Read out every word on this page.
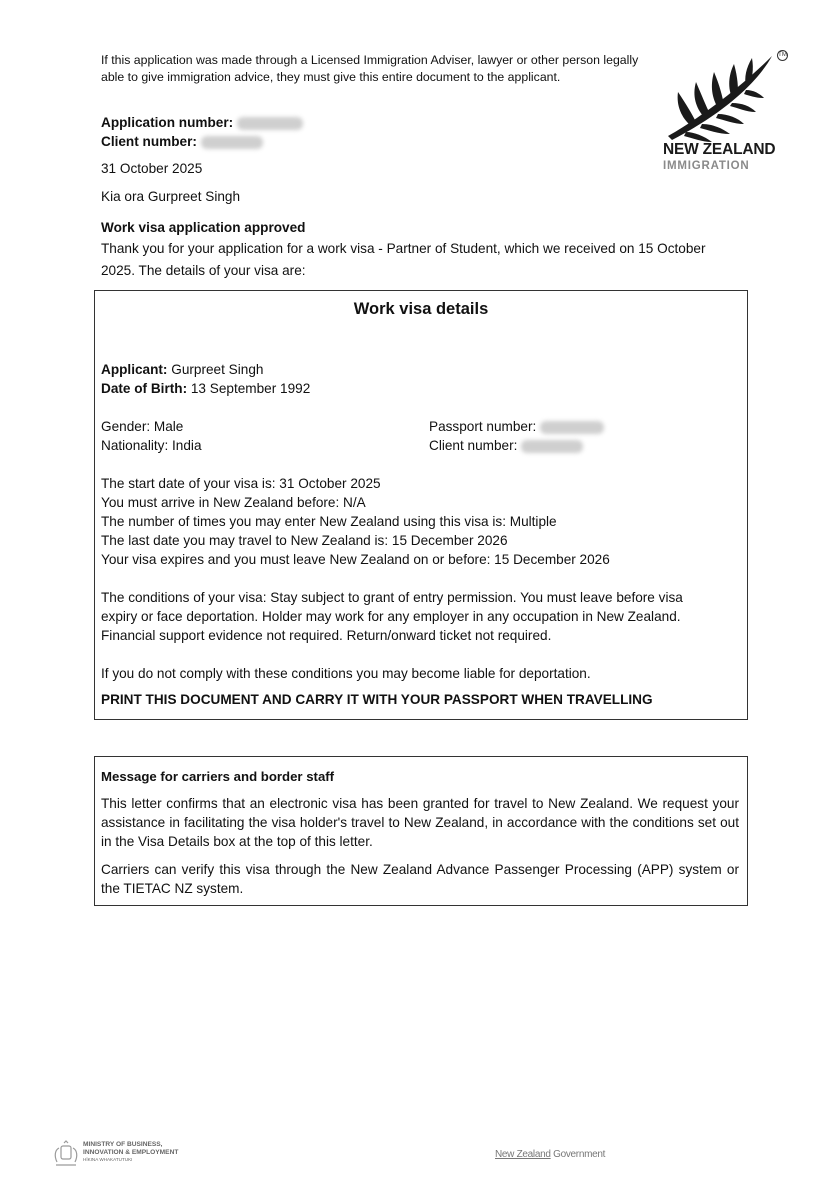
If this application was made through a Licensed Immigration Adviser, lawyer or other person legally able to give immigration advice, they must give this entire document to the applicant.
TM
NEW ZEALAND
IMMIGRATION
Application number:
Client number:
31 October 2025
Kia ora Gurpreet Singh
Work visa application approved
Thank you for your application for a work visa - Partner of Student, which we received on 15 October
2025. The details of your visa are:
Work visa details
Applicant: Gurpreet Singh
Date of Birth: 13 September 1992
Gender: Male
Nationality: India
Passport number:
Client number:
The start date of your visa is: 31 October 2025
You must arrive in New Zealand before: N/A
The number of times you may enter New Zealand using this visa is: Multiple
The last date you may travel to New Zealand is: 15 December 2026
Your visa expires and you must leave New Zealand on or before: 15 December 2026
The conditions of your visa: Stay subject to grant of entry permission. You must leave before visa
expiry or face deportation. Holder may work for any employer in any occupation in New Zealand.
Financial support evidence not required. Return/onward ticket not required.
If you do not comply with these conditions you may become liable for deportation.
PRINT THIS DOCUMENT AND CARRY IT WITH YOUR PASSPORT WHEN TRAVELLING
Message for carriers and border staff
This letter confirms that an electronic visa has been granted for travel to New Zealand. We request your assistance in facilitating the visa holder's travel to New Zealand, in accordance with the conditions set out in the Visa Details box at the top of this letter.
Carriers can verify this visa through the New Zealand Advance Passenger Processing (APP) system or the TIETAC NZ system.
MINISTRY OF BUSINESS,
INNOVATION & EMPLOYMENT
HĪKINA WHAKATUTUKI	New Zealand Government
